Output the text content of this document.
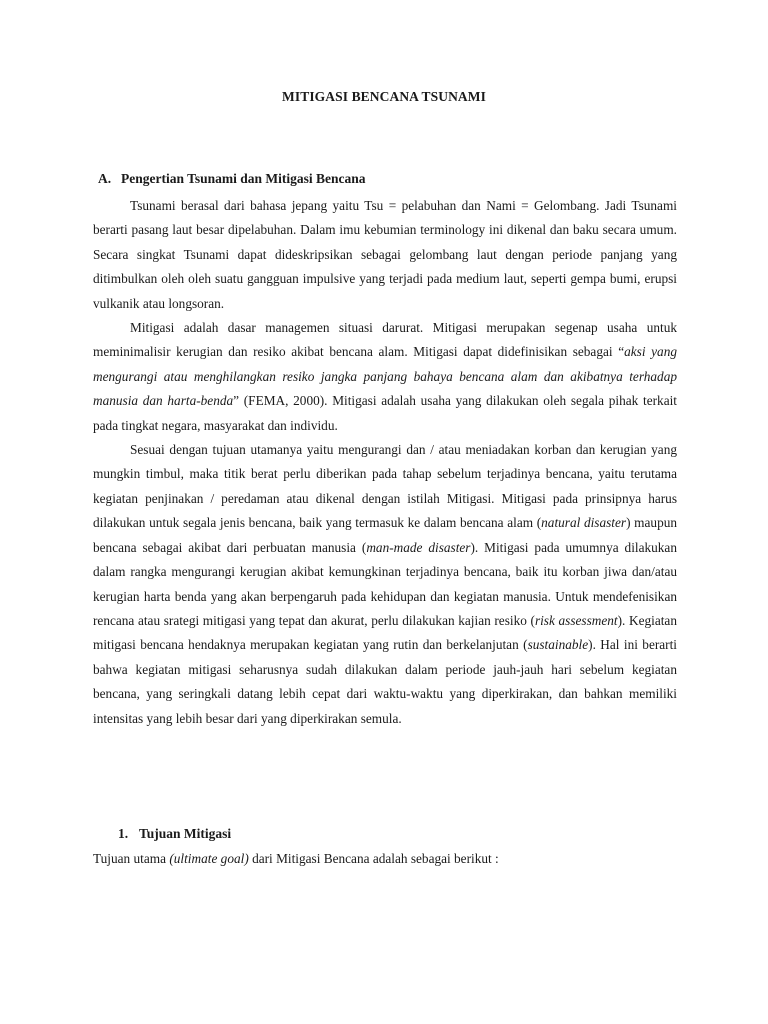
MITIGASI BENCANA TSUNAMI
A. Pengertian Tsunami dan Mitigasi Bencana

Tsunami berasal dari bahasa jepang yaitu Tsu = pelabuhan dan Nami = Gelombang. Jadi Tsunami berarti pasang laut besar dipelabuhan. Dalam imu kebumian terminology ini dikenal dan baku secara umum. Secara singkat Tsunami dapat dideskripsikan sebagai gelombang laut dengan periode panjang yang ditimbulkan oleh oleh suatu gangguan impulsive yang terjadi pada medium laut, seperti gempa bumi, erupsi vulkanik atau longsoran.

Mitigasi adalah dasar managemen situasi darurat. Mitigasi merupakan segenap usaha untuk meminimalisir kerugian dan resiko akibat bencana alam. Mitigasi dapat didefinisikan sebagai “aksi yang mengurangi atau menghilangkan resiko jangka panjang bahaya bencana alam dan akibatnya terhadap manusia dan harta-benda” (FEMA, 2000). Mitigasi adalah usaha yang dilakukan oleh segala pihak terkait pada tingkat negara, masyarakat dan individu.

Sesuai dengan tujuan utamanya yaitu mengurangi dan / atau meniadakan korban dan kerugian yang mungkin timbul, maka titik berat perlu diberikan pada tahap sebelum terjadinya bencana, yaitu terutama kegiatan penjinakan / peredaman atau dikenal dengan istilah Mitigasi. Mitigasi pada prinsipnya harus dilakukan untuk segala jenis bencana, baik yang termasuk ke dalam bencana alam (natural disaster) maupun bencana sebagai akibat dari perbuatan manusia (man-made disaster). Mitigasi pada umumnya dilakukan dalam rangka mengurangi kerugian akibat kemungkinan terjadinya bencana, baik itu korban jiwa dan/atau kerugian harta benda yang akan berpengaruh pada kehidupan dan kegiatan manusia. Untuk mendefenisikan rencana atau srategi mitigasi yang tepat dan akurat, perlu dilakukan kajian resiko (risk assessment). Kegiatan mitigasi bencana hendaknya merupakan kegiatan yang rutin dan berkelanjutan (sustainable). Hal ini berarti bahwa kegiatan mitigasi seharusnya sudah dilakukan dalam periode jauh-jauh hari sebelum kegiatan bencana, yang seringkali datang lebih cepat dari waktu-waktu yang diperkirakan, dan bahkan memiliki intensitas yang lebih besar dari yang diperkirakan semula.

1. Tujuan Mitigasi
Tujuan utama (ultimate goal) dari Mitigasi Bencana adalah sebagai berikut :
